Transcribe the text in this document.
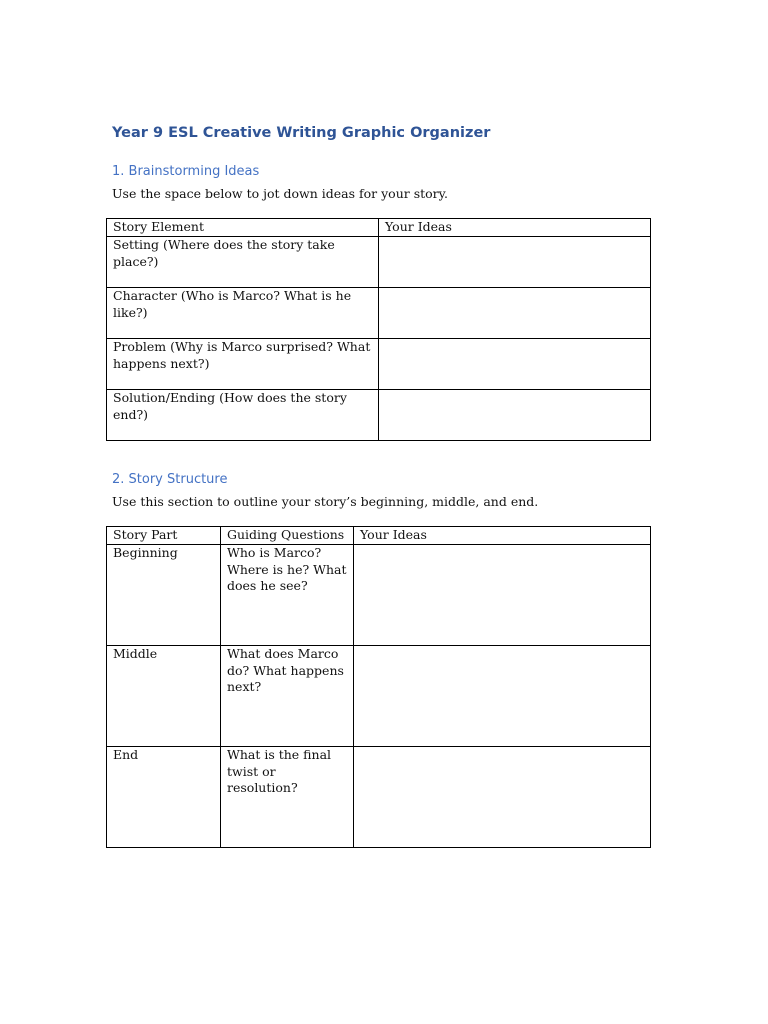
Year 9 ESL Creative Writing Graphic Organizer
1. Brainstorming Ideas
Use the space below to jot down ideas for your story.
Story Element	Your Ideas
Setting (Where does the story take place?)	
Character (Who is Marco? What is he like?)	
Problem (Why is Marco surprised? What happens next?)	
Solution/Ending (How does the story end?)	
2. Story Structure
Use this section to outline your story’s beginning, middle, and end.
Story Part	Guiding Questions	Your Ideas
Beginning	Who is Marco? Where is he? What does he see?	
Middle	What does Marco do? What happens next?	
End	What is the final twist or resolution?	
